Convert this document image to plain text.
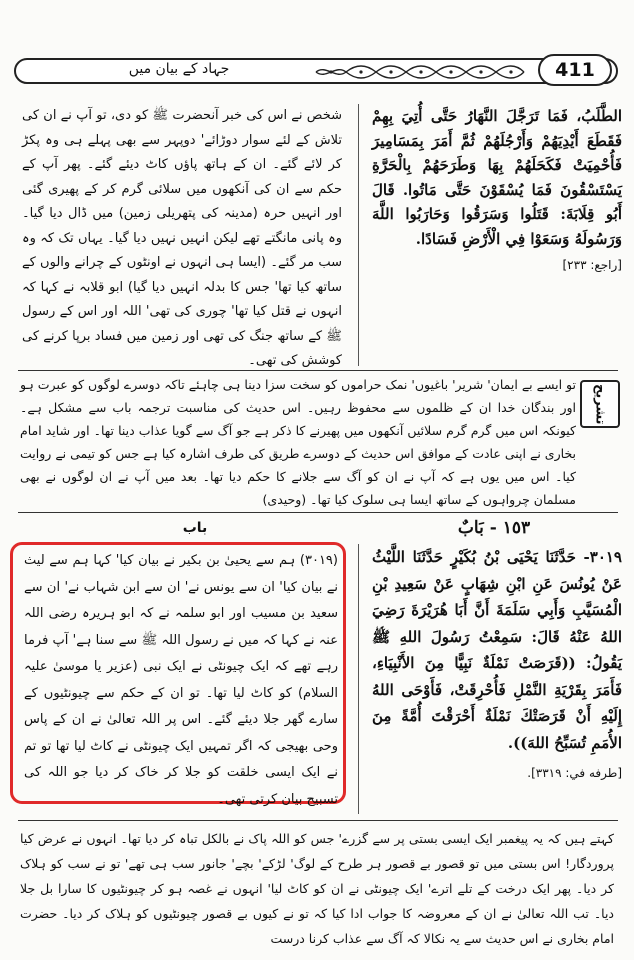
جہاد کے بیان میں	411

الطَّلَبُ، فَمَا تَرَجَّلَ النَّهَارُ حَتَّى أُتِيَ بِهِمْ فَقَطَعَ أَيْدِيَهُمْ وَأَرْجُلَهُمْ ثُمَّ أَمَرَ بِمَسَامِيرَ فَأُحْمِيَتْ فَكَحَلَهُمْ بِهَا وَطَرَحَهُمْ بِالْحَرَّةِ يَسْتَسْقُونَ فَمَا يُسْقَوْنَ حَتَّى مَاتُوا. قَالَ أَبُو قِلَابَةَ: قَتَلُوا وَسَرَقُوا وَحَارَبُوا اللَّهَ وَرَسُولَهُ وَسَعَوْا فِي الْأَرْضِ فَسَادًا.

[راجع: ٢٣٣]

شخص نے اس کی خبر آنحضرت ﷺ کو دی، تو آپ نے ان کی تلاش کے لئے سوار دوڑائے' دوپہر سے بھی پہلے ہی وہ پکڑ کر لائے گئے۔ ان کے ہاتھ پاؤں کاٹ دیئے گئے۔ پھر آپ کے حکم سے ان کی آنکھوں میں سلائی گرم کر کے پھیری گئی اور انہیں حرہ (مدینہ کی پتھریلی زمین) میں ڈال دیا گیا۔ وہ پانی مانگتے تھے لیکن انہیں نہیں دیا گیا۔ یہاں تک کہ وہ سب مر گئے۔ (ایسا ہی انہوں نے اونٹوں کے چرانے والوں کے ساتھ کیا تھا' جس کا بدلہ انہیں دیا گیا) ابو قلابہ نے کہا کہ انہوں نے قتل کیا تھا' چوری کی تھی' اللہ اور اس کے رسول ﷺ کے ساتھ جنگ کی تھی اور زمین میں فساد برپا کرنے کی کوشش کی تھی۔

تشریح

تو ایسے بے ایمان' شریر' باغیوں' نمک حراموں کو سخت سزا دینا ہی چاہئے تاکہ دوسرے لوگوں کو عبرت ہو اور بندگان خدا ان کے ظلموں سے محفوظ رہیں۔ اس حدیث کی مناسبت ترجمہ باب سے مشکل ہے۔ کیونکہ اس میں گرم گرم سلائیں آنکھوں میں پھیرنے کا ذکر ہے جو آگ سے گویا عذاب دینا تھا۔ اور شاید امام بخاری نے اپنی عادت کے موافق اس حدیث کے دوسرے طریق کی طرف اشارہ کیا ہے جس کو تیمی نے روایت کیا۔ اس میں یوں ہے کہ آپ نے ان کو آگ سے جلانے کا حکم دیا تھا۔ بعد میں آپ نے ان لوگوں نے بھی مسلمان چرواہوں کے ساتھ ایسا ہی سلوک کیا تھا۔ (وحیدی)

باب	١٥٣ - بَابٌ

(٣٠١٩) ہم سے یحییٰ بن بکیر نے بیان کیا' کہا ہم سے لیث نے بیان کیا' ان سے یونس نے' ان سے ابن شہاب نے' ان سے سعید بن مسیب اور ابو سلمہ نے کہ ابو ہریرہ رضی اللہ عنہ نے کہا کہ میں نے رسول اللہ ﷺ سے سنا ہے' آپ فرما رہے تھے کہ ایک چیونٹی نے ایک نبی (عزیر یا موسیٰ علیہ السلام) کو کاٹ لیا تھا۔ تو ان کے حکم سے چیونٹیوں کے سارے گھر جلا دیئے گئے۔ اس پر اللہ تعالیٰ نے ان کے پاس وحی بھیجی کہ اگر تمہیں ایک چیونٹی نے کاٹ لیا تھا تو تم نے ایک ایسی خلقت کو جلا کر خاک کر دیا جو اللہ کی تسبیح بیان کرتی تھی۔

٣٠١٩- حَدَّثَنَا يَحْيَى بْنُ بُكَيْرٍ حَدَّثَنَا اللَّيْثُ عَنْ يُونُسَ عَنِ ابْنِ شِهَابٍ عَنْ سَعِيدِ بْنِ الْمُسَيَّبِ وَأَبِي سَلَمَةَ أَنَّ أَبَا هُرَيْرَةَ رَضِيَ اللهُ عَنْهُ قَالَ: سَمِعْتُ رَسُولَ اللهِ ﷺ يَقُولُ: ((قَرَصَتْ نَمْلَةٌ نَبِيًّا مِنَ الأَنْبِيَاءِ، فَأَمَرَ بِقَرْيَةِ النَّمْلِ فَأُحْرِقَتْ، فَأَوْحَى اللهُ إِلَيْهِ أَنْ قَرَصَتْكَ نَمْلَةٌ أَحْرَقْتَ أُمَّةً مِنَ الأُمَمِ تُسَبِّحُ اللهَ)).

[طرفه في: ٣٣١٩].

کہتے ہیں کہ یہ پیغمبر ایک ایسی بستی پر سے گزرے' جس کو اللہ پاک نے بالکل تباہ کر دیا تھا۔ انہوں نے عرض کیا پروردگار! اس بستی میں تو قصور بے قصور ہر طرح کے لوگ' لڑکے' بچے' جانور سب ہی تھے' تو نے سب کو ہلاک کر دیا۔ پھر ایک درخت کے تلے اترے' ایک چیونٹی نے ان کو کاٹ لیا' انہوں نے غصہ ہو کر چیونٹیوں کا سارا بل جلا دیا۔ تب اللہ تعالیٰ نے ان کے معروضہ کا جواب ادا کیا کہ تو نے کیوں بے قصور چیونٹیوں کو ہلاک کر دیا۔ حضرت امام بخاری نے اس حدیث سے یہ نکالا کہ آگ سے عذاب کرنا درست
